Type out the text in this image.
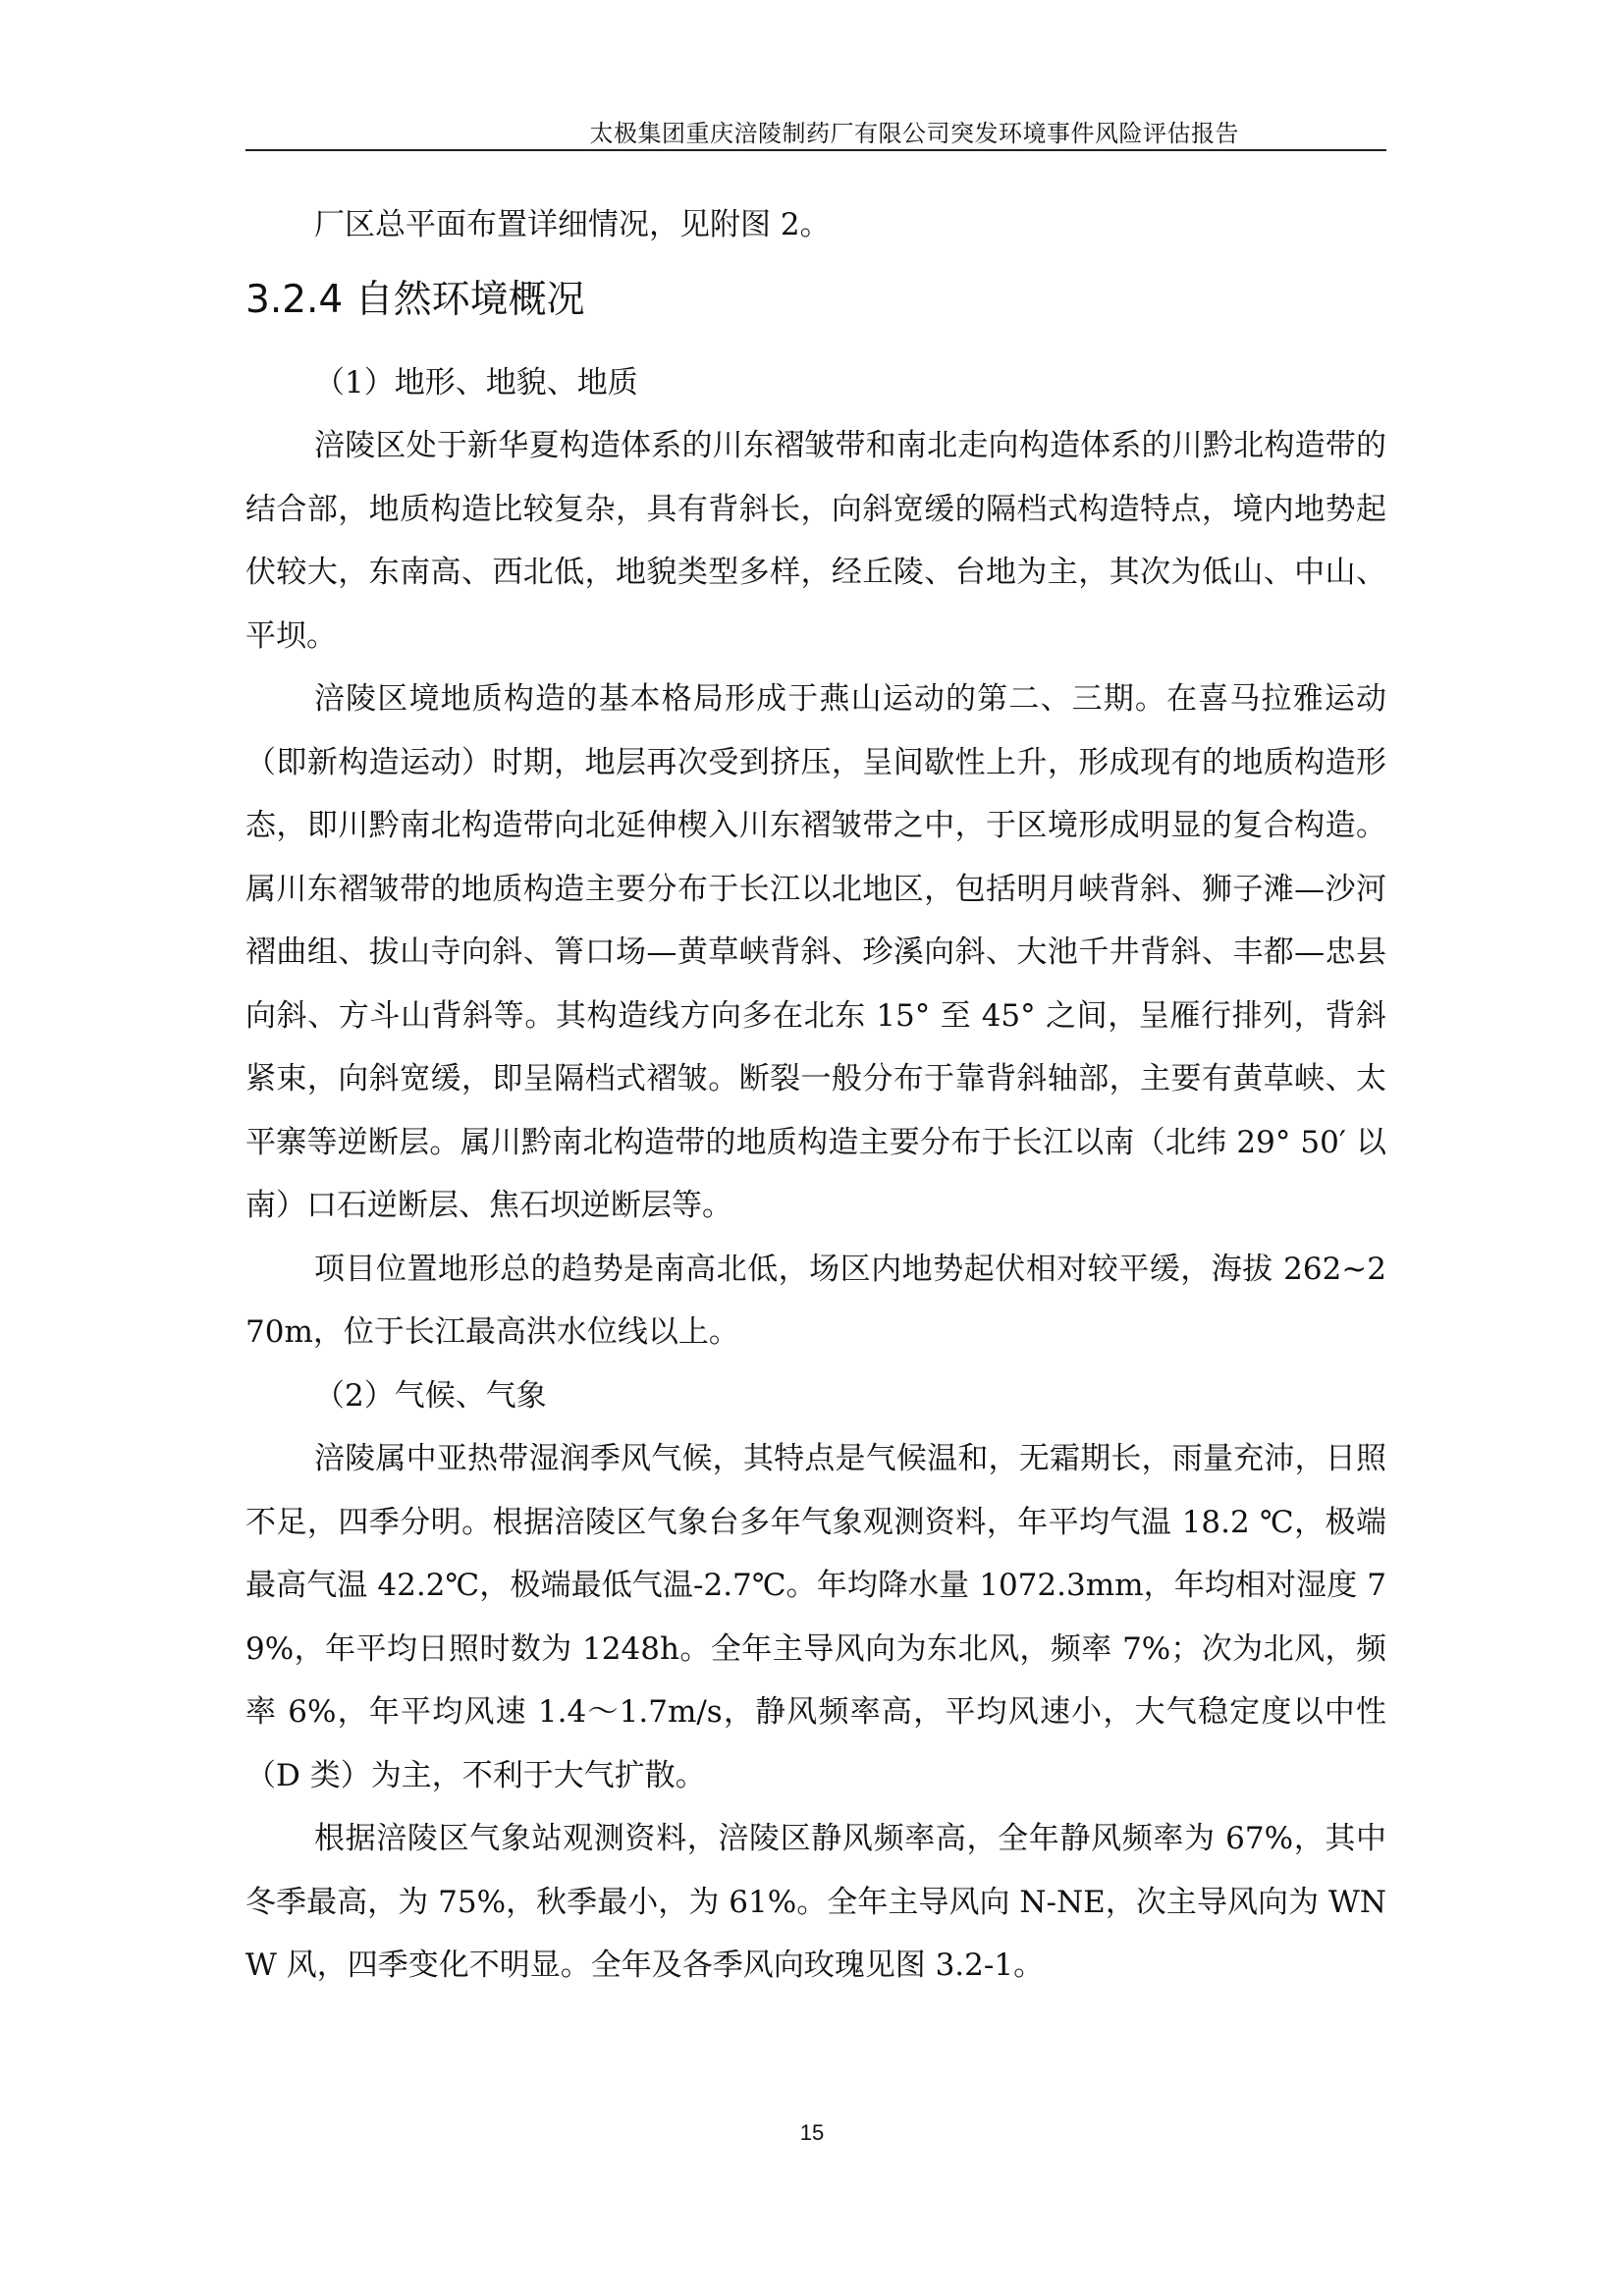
太极集团重庆涪陵制药厂有限公司突发环境事件风险评估报告

厂区总平面布置详细情况，见附图 2。

3.2.4 自然环境概况

（1）地形、地貌、地质

涪陵区处于新华夏构造体系的川东褶皱带和南北走向构造体系的川黔北构造带的结合部，地质构造比较复杂，具有背斜长，向斜宽缓的隔档式构造特点，境内地势起伏较大，东南高、西北低，地貌类型多样，经丘陵、台地为主，其次为低山、中山、平坝。

涪陵区境地质构造的基本格局形成于燕山运动的第二、三期。在喜马拉雅运动（即新构造运动）时期，地层再次受到挤压，呈间歇性上升，形成现有的地质构造形态，即川黔南北构造带向北延伸楔入川东褶皱带之中，于区境形成明显的复合构造。属川东褶皱带的地质构造主要分布于长江以北地区，包括明月峡背斜、狮子滩—沙河褶曲组、拔山寺向斜、箐口场—黄草峡背斜、珍溪向斜、大池千井背斜、丰都—忠县向斜、方斗山背斜等。其构造线方向多在北东 15° 至 45° 之间，呈雁行排列，背斜紧束，向斜宽缓，即呈隔档式褶皱。断裂一般分布于靠背斜轴部，主要有黄草峡、太平寨等逆断层。属川黔南北构造带的地质构造主要分布于长江以南（北纬 29° 50′ 以南）口石逆断层、焦石坝逆断层等。

项目位置地形总的趋势是南高北低，场区内地势起伏相对较平缓，海拔 262~270m，位于长江最高洪水位线以上。

（2）气候、气象

涪陵属中亚热带湿润季风气候，其特点是气候温和，无霜期长，雨量充沛，日照不足，四季分明。根据涪陵区气象台多年气象观测资料，年平均气温 18.2 ℃，极端最高气温 42.2℃，极端最低气温-2.7℃。年均降水量 1072.3mm，年均相对湿度 79%，年平均日照时数为 1248h。全年主导风向为东北风，频率 7%；次为北风，频率 6%，年平均风速 1.4～1.7m/s，静风频率高，平均风速小，大气稳定度以中性（D 类）为主，不利于大气扩散。

根据涪陵区气象站观测资料，涪陵区静风频率高，全年静风频率为 67%，其中冬季最高，为 75%，秋季最小，为 61%。全年主导风向 N-NE，次主导风向为 WNW 风，四季变化不明显。全年及各季风向玫瑰见图 3.2-1。

15
